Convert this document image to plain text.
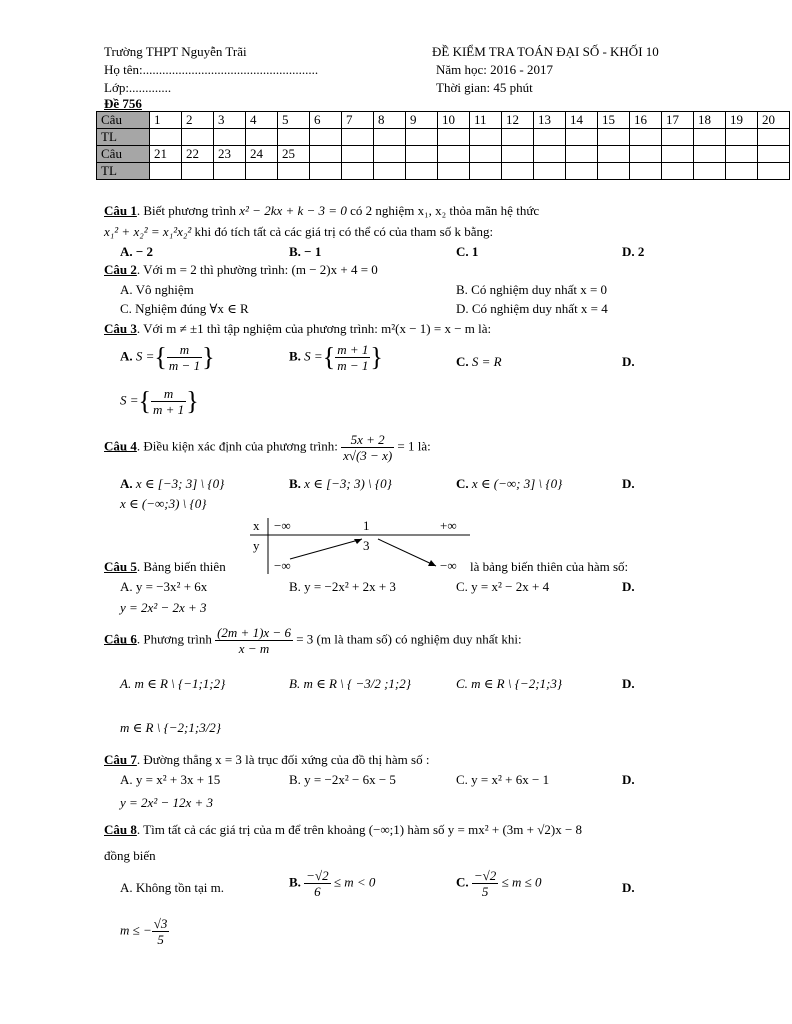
Trường THPT Nguyễn Trãi
Họ tên:......................................................
Lớp:.............
Đề 756
ĐỀ KIỂM TRA TOÁN ĐẠI SỐ - KHỐI 10
Năm học: 2016 - 2017
Thời gian: 45 phút
Câu	1	2	3	4	5	6	7	8	9	10	11	12	13	14	15	16	17	18	19	20
TL																				
Câu	21	22	23	24	25															
TL																				
Câu 1. Biết phương trình x² − 2kx + k − 3 = 0 có 2 nghiệm x₁, x₂ thỏa mãn hệ thức
x₁² + x₂² = x₁²x₂² khi đó tích tất cả các giá trị có thể có của tham số k bằng:
A. − 2	B. − 1	C. 1	D. 2
Câu 2. Với m = 2 thì phường trình: (m − 2)x + 4 = 0
A. Vô nghiệm	B. Có nghiệm duy nhất x = 0
C. Nghiệm đúng ∀x ∈ R	D. Có nghiệm duy nhất x = 4
Câu 3. Với m ≠ ±1 thì tập nghiệm của phương trình: m²(x − 1) = x − m là:
A. S ={ $\frac{m}{m - 1}$ }	B. S ={ $\frac{m + 1}{m - 1}$ }	C. S = R	D.
S ={ $\frac{m}{m + 1}$ }
Câu 4. Điều kiện xác định của phương trình: $\frac{5x + 2}{x√(3 - x)} = 1$ là:
A. x ∈ [−3; 3] \ {0}	B. x ∈ [−3; 3) \ {0}	C. x ∈ (−∞; 3] \ {0}	D.
x ∈ (−∞;3) \ {0}
x
y
−∞	1	+∞
−∞
3
−∞
Câu 5. Bảng biến thiên	là bảng biến thiên của hàm số:
A. y = −3x² + 6x	B. y = −2x² + 2x + 3	C. y = x² − 2x + 4	D.
y = 2x² − 2x + 3
Câu 6. Phương trình $\frac{(2m + 1)x - 6}{x - m} = 3$ (m là tham số) có nghiệm duy nhất khi:
A. m ∈ R \ {−1;1;2}	B. m ∈ R \ { −3/2 ;1;2}	C. m ∈ R \ {−2;1;3}	D.
m ∈ R \ {−2;1;3/2}
Câu 7. Đường thẳng x = 3 là trục đối xứng của đồ thị hàm số :
A. y = x² + 3x + 15	B. y = −2x² − 6x − 5	C. y = x² + 6x − 1	D.
y = 2x² − 12x + 3
Câu 8. Tìm tất cả các giá trị của m để trên khoảng (−∞;1) hàm số y = mx² + (3m + √2)x − 8
đồng biến
A. Không tồn tại m.	B. $\frac{-√2}{6} \le m < 0$	C. $\frac{-√2}{5} \le m \le 0$	D.
m ≤ − $\frac{√3}{5}$
